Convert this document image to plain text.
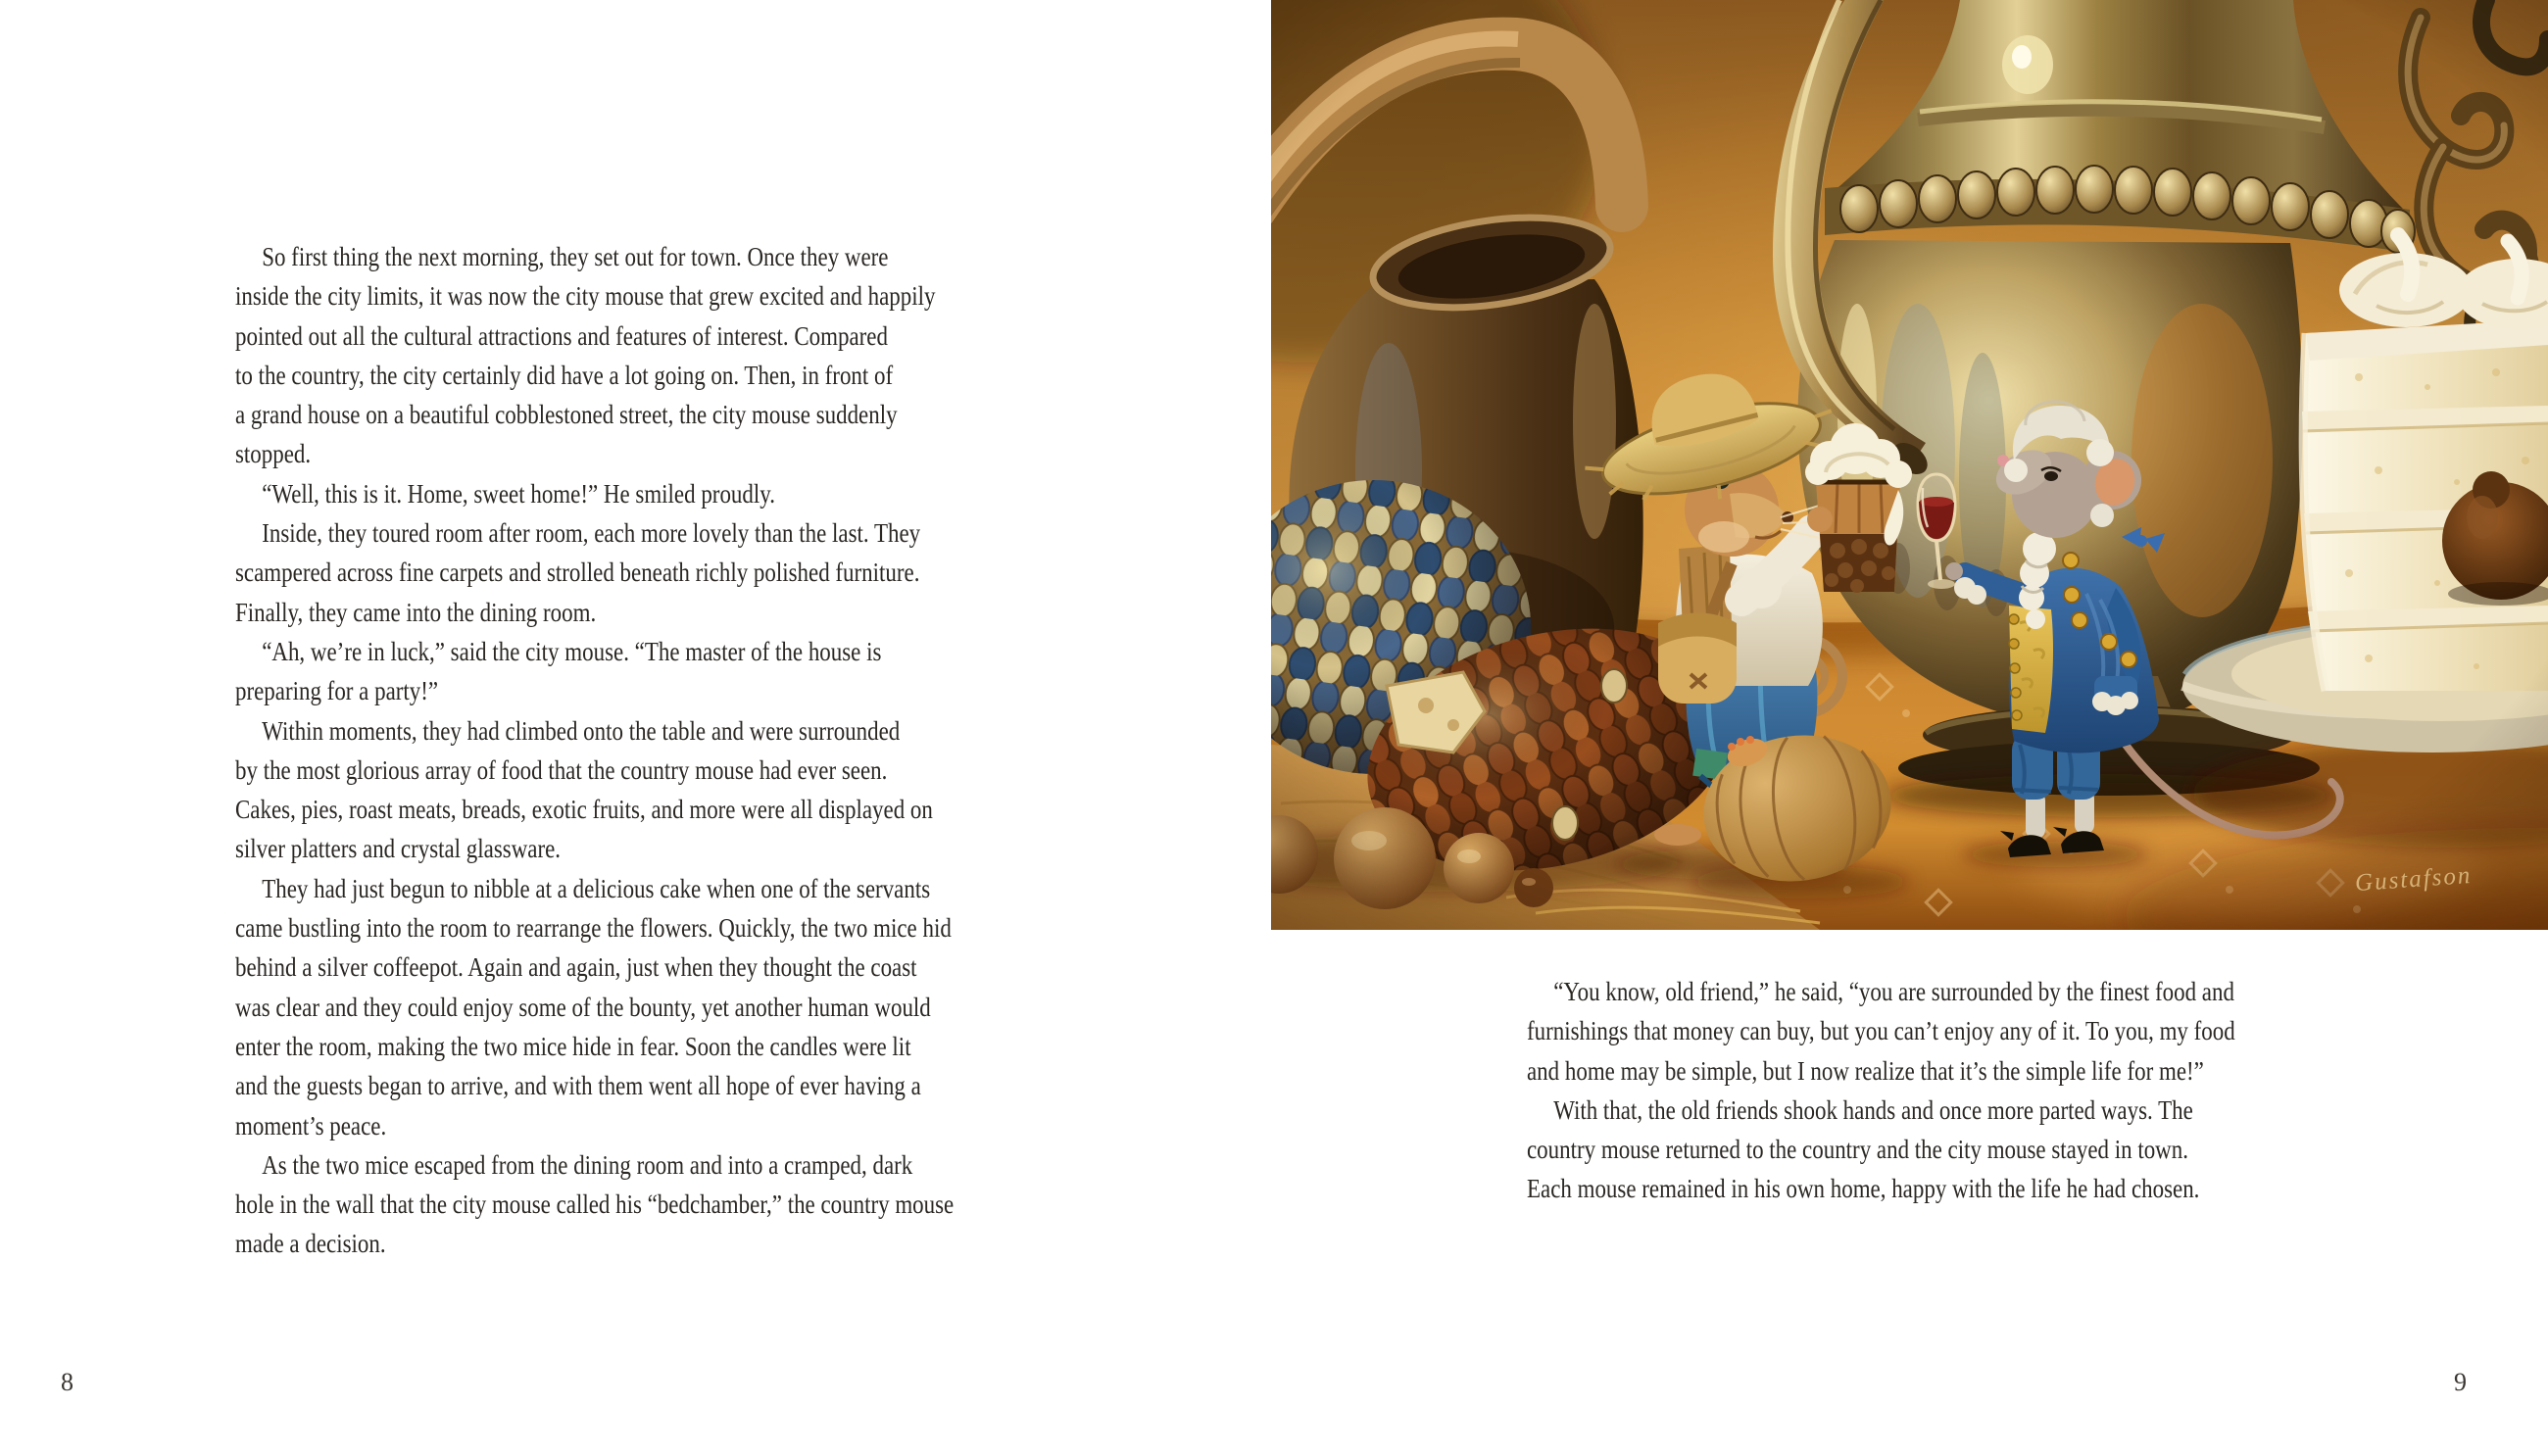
So first thing the next morning, they set out for town. Once they were
inside the city limits, it was now the city mouse that grew excited and happily
pointed out all the cultural attractions and features of interest. Compared
to the country, the city certainly did have a lot going on. Then, in front of
a grand house on a beautiful cobblestoned street, the city mouse suddenly
stopped.
“Well, this is it. Home, sweet home!” He smiled proudly.
Inside, they toured room after room, each more lovely than the last. They
scampered across fine carpets and strolled beneath richly polished furniture.
Finally, they came into the dining room.
“Ah, we’re in luck,” said the city mouse. “The master of the house is
preparing for a party!”
Within moments, they had climbed onto the table and were surrounded
by the most glorious array of food that the country mouse had ever seen.
Cakes, pies, roast meats, breads, exotic fruits, and more were all displayed on
silver platters and crystal glassware.
They had just begun to nibble at a delicious cake when one of the servants
came bustling into the room to rearrange the flowers. Quickly, the two mice hid
behind a silver coffeepot. Again and again, just when they thought the coast
was clear and they could enjoy some of the bounty, yet another human would
enter the room, making the two mice hide in fear. Soon the candles were lit
and the guests began to arrive, and with them went all hope of ever having a
moment’s peace.
As the two mice escaped from the dining room and into a cramped, dark
hole in the wall that the city mouse called his “bedchamber,” the country mouse
made a decision.
8
Gustafson
“You know, old friend,” he said, “you are surrounded by the finest food and
furnishings that money can buy, but you can’t enjoy any of it. To you, my food
and home may be simple, but I now realize that it’s the simple life for me!”
With that, the old friends shook hands and once more parted ways. The
country mouse returned to the country and the city mouse stayed in town.
Each mouse remained in his own home, happy with the life he had chosen.
9
